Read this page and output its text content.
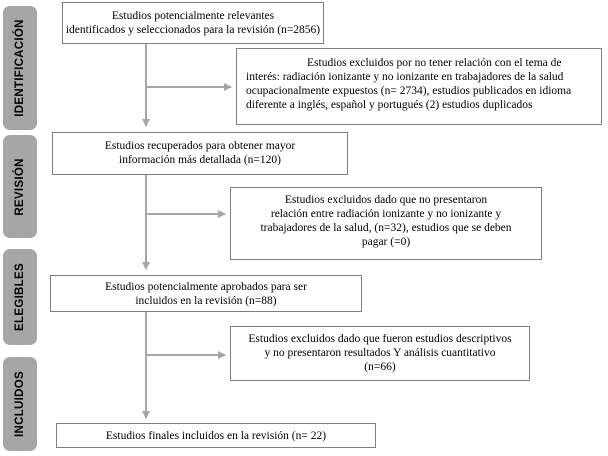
IDENTIFICACIÓN
REVISIÓN
ELEGIBLES
INCLUIDOS
Estudios potencialmente relevantes
identificados y seleccionados para la revisión (n=2856)
Estudios excluidos por no tener relación con el tema de
interés: radiación ionizante y no ionizante en trabajadores de la salud
ocupacionalmente expuestos (n= 2734), estudios publicados en idioma
diferente a inglés, español y portugués (2) estudios duplicados
Estudios recuperados para obtener mayor
información más detallada (n=120)
Estudios excluidos dado que no presentaron
relación entre radiación ionizante y no ionizante y
trabajadores de la salud, (n=32), estudios que se deben
pagar (=0)
Estudios potencialmente aprobados para ser
incluidos en la revisión (n=88)
Estudios excluidos dado que fueron estudios descriptivos
y no presentaron resultados Y análisis cuantitativo
(n=66)
Estudios finales incluidos en la revisión (n= 22)
